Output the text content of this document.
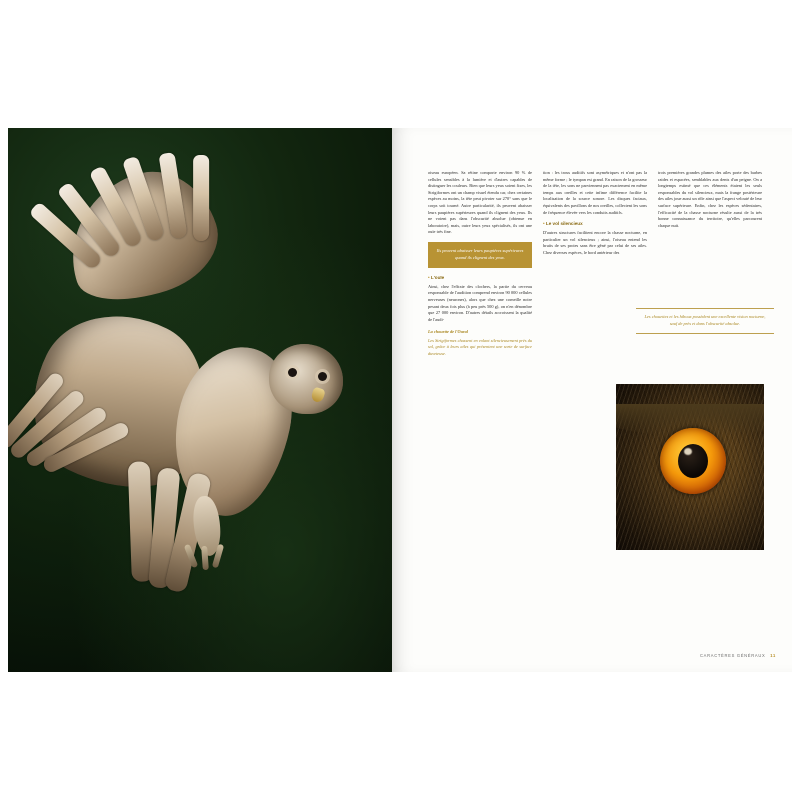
oiseau européen. Sa rétine comporte environ 90 % de cellules sensibles à la lumière et d'autres capables de distinguer les couleurs. Bien que leurs yeux soient fixes, les Strigiformes ont un champ visuel étendu car, chez certaines espèces au moins, la tête peut pivoter sur 270° sans que le corps soit tourné. Autre particularité, ils peuvent abaisser leurs paupières supérieures quand ils clignent des yeux. Ils ne voient pas dans l'obscurité absolue (obtenue en laboratoire), mais, outre leurs yeux spécialisés, ils ont une ouïe très fine.

Ils peuvent abaisser leurs paupières supérieures quand ils clignent des yeux.
• L'ouïe

Ainsi, chez l'effraie des clochers, la partie du cerveau responsable de l'audition comprend environ 90 000 cellules nerveuses (neurones), alors que chez une corneille noire pesant deux fois plus (à peu près 500 g), on n'en dénombre que 27 000 environ. D'autres détails accroissent la qualité de l'audi-

La chouette de l'Oural
Les Strigiformes chassent en volant silencieusement près du sol, grâce à leurs ailes qui présentent une sorte de surface duveteuse.

tion : les trous auditifs sont asymétriques et n'ont pas la même forme ; le tympan est grand. En raison de la grosseur de la tête, les sons ne parviennent pas exactement en même temps aux oreilles et cette infime différence facilite la localisation de la source sonore. Les disques faciaux, équivalents des pavillons de nos oreilles, collectent les sons de fréquence élevée vers les conduits auditifs.

• Le vol silencieux

D'autres structures facilitent encore la chasse nocturne, en particulier un vol silencieux ; ainsi, l'oiseau entend les bruits de ses proies sans être gêné par celui de ses ailes. Chez diverses espèces, le bord antérieur des

trois premières grandes plumes des ailes porte des barbes raides et espacées, semblables aux dents d'un peigne. On a longtemps estimé que ces éléments étaient les seuls responsables du vol silencieux, mais la frange postérieure des ailes joue aussi un rôle ainsi que l'aspect velouté de leur surface supérieure. Enfin, chez les espèces sédentaires, l'efficacité de la chasse nocturne résulte aussi de la très bonne connaissance du territoire, qu'elles parcourent chaque nuit.

Les chouettes et les hiboux possèdent une excellente vision nocturne, sauf de près et dans l'obscurité absolue.
CARACTÈRES GÉNÉRAUX 11
